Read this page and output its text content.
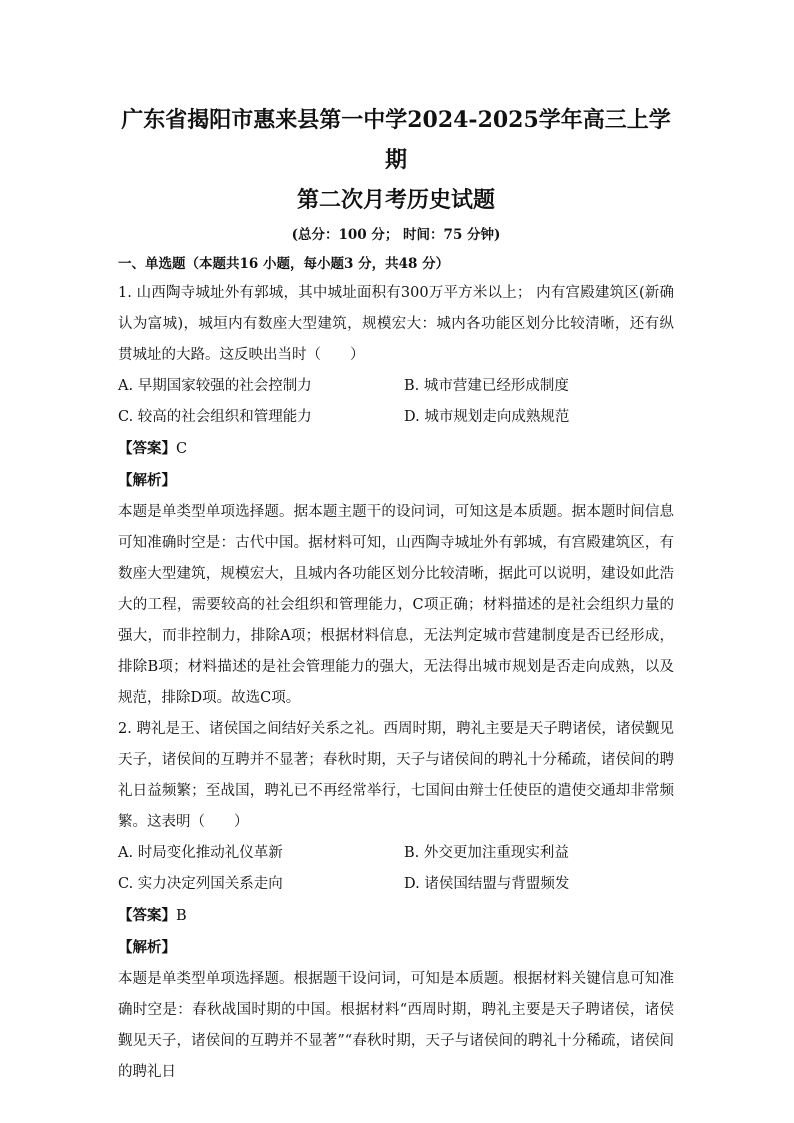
广东省揭阳市惠来县第一中学2024-2025学年高三上学期

第二次月考历史试题

(总分：100 分； 时间：75 分钟)

一、单选题（本题共16 小题，每小题3 分，共48 分）

1. 山西陶寺城址外有郭城，其中城址面积有300万平方米以上； 内有宫殿建筑区(新确认为富城)，城垣内有数座大型建筑，规模宏大：城内各功能区划分比较清晰，还有纵贯城址的大路。这反映出当时（　　）

A. 早期国家较强的社会控制力	B. 城市营建已经形成制度
C. 较高的社会组织和管理能力	D. 城市规划走向成熟规范

【答案】C

【解析】

本题是单类型单项选择题。据本题主题干的设问词，可知这是本质题。据本题时间信息可知准确时空是：古代中国。据材料可知，山西陶寺城址外有郭城，有宫殿建筑区，有数座大型建筑，规模宏大，且城内各功能区划分比较清晰，据此可以说明，建设如此浩大的工程，需要较高的社会组织和管理能力，C项正确；材料描述的是社会组织力量的强大，而非控制力，排除A项；根据材料信息，无法判定城市营建制度是否已经形成，排除B项；材料描述的是社会管理能力的强大，无法得出城市规划是否走向成熟，以及规范，排除D项。故选C项。

2. 聘礼是王、诸侯国之间结好关系之礼。西周时期，聘礼主要是天子聘诸侯，诸侯觐见天子，诸侯间的互聘并不显著；春秋时期，天子与诸侯间的聘礼十分稀疏，诸侯间的聘礼日益频繁；至战国，聘礼已不再经常举行，七国间由辩士任使臣的遣使交通却非常频繁。这表明（　　）

A. 时局变化推动礼仪革新	B. 外交更加注重现实利益
C. 实力决定列国关系走向	D. 诸侯国结盟与背盟频发

【答案】B

【解析】

本题是单类型单项选择题。根据题干设问词，可知是本质题。根据材料关键信息可知准确时空是：春秋战国时期的中国。根据材料“西周时期，聘礼主要是天子聘诸侯，诸侯觐见天子，诸侯间的互聘并不显著”“春秋时期，天子与诸侯间的聘礼十分稀疏，诸侯间的聘礼日
